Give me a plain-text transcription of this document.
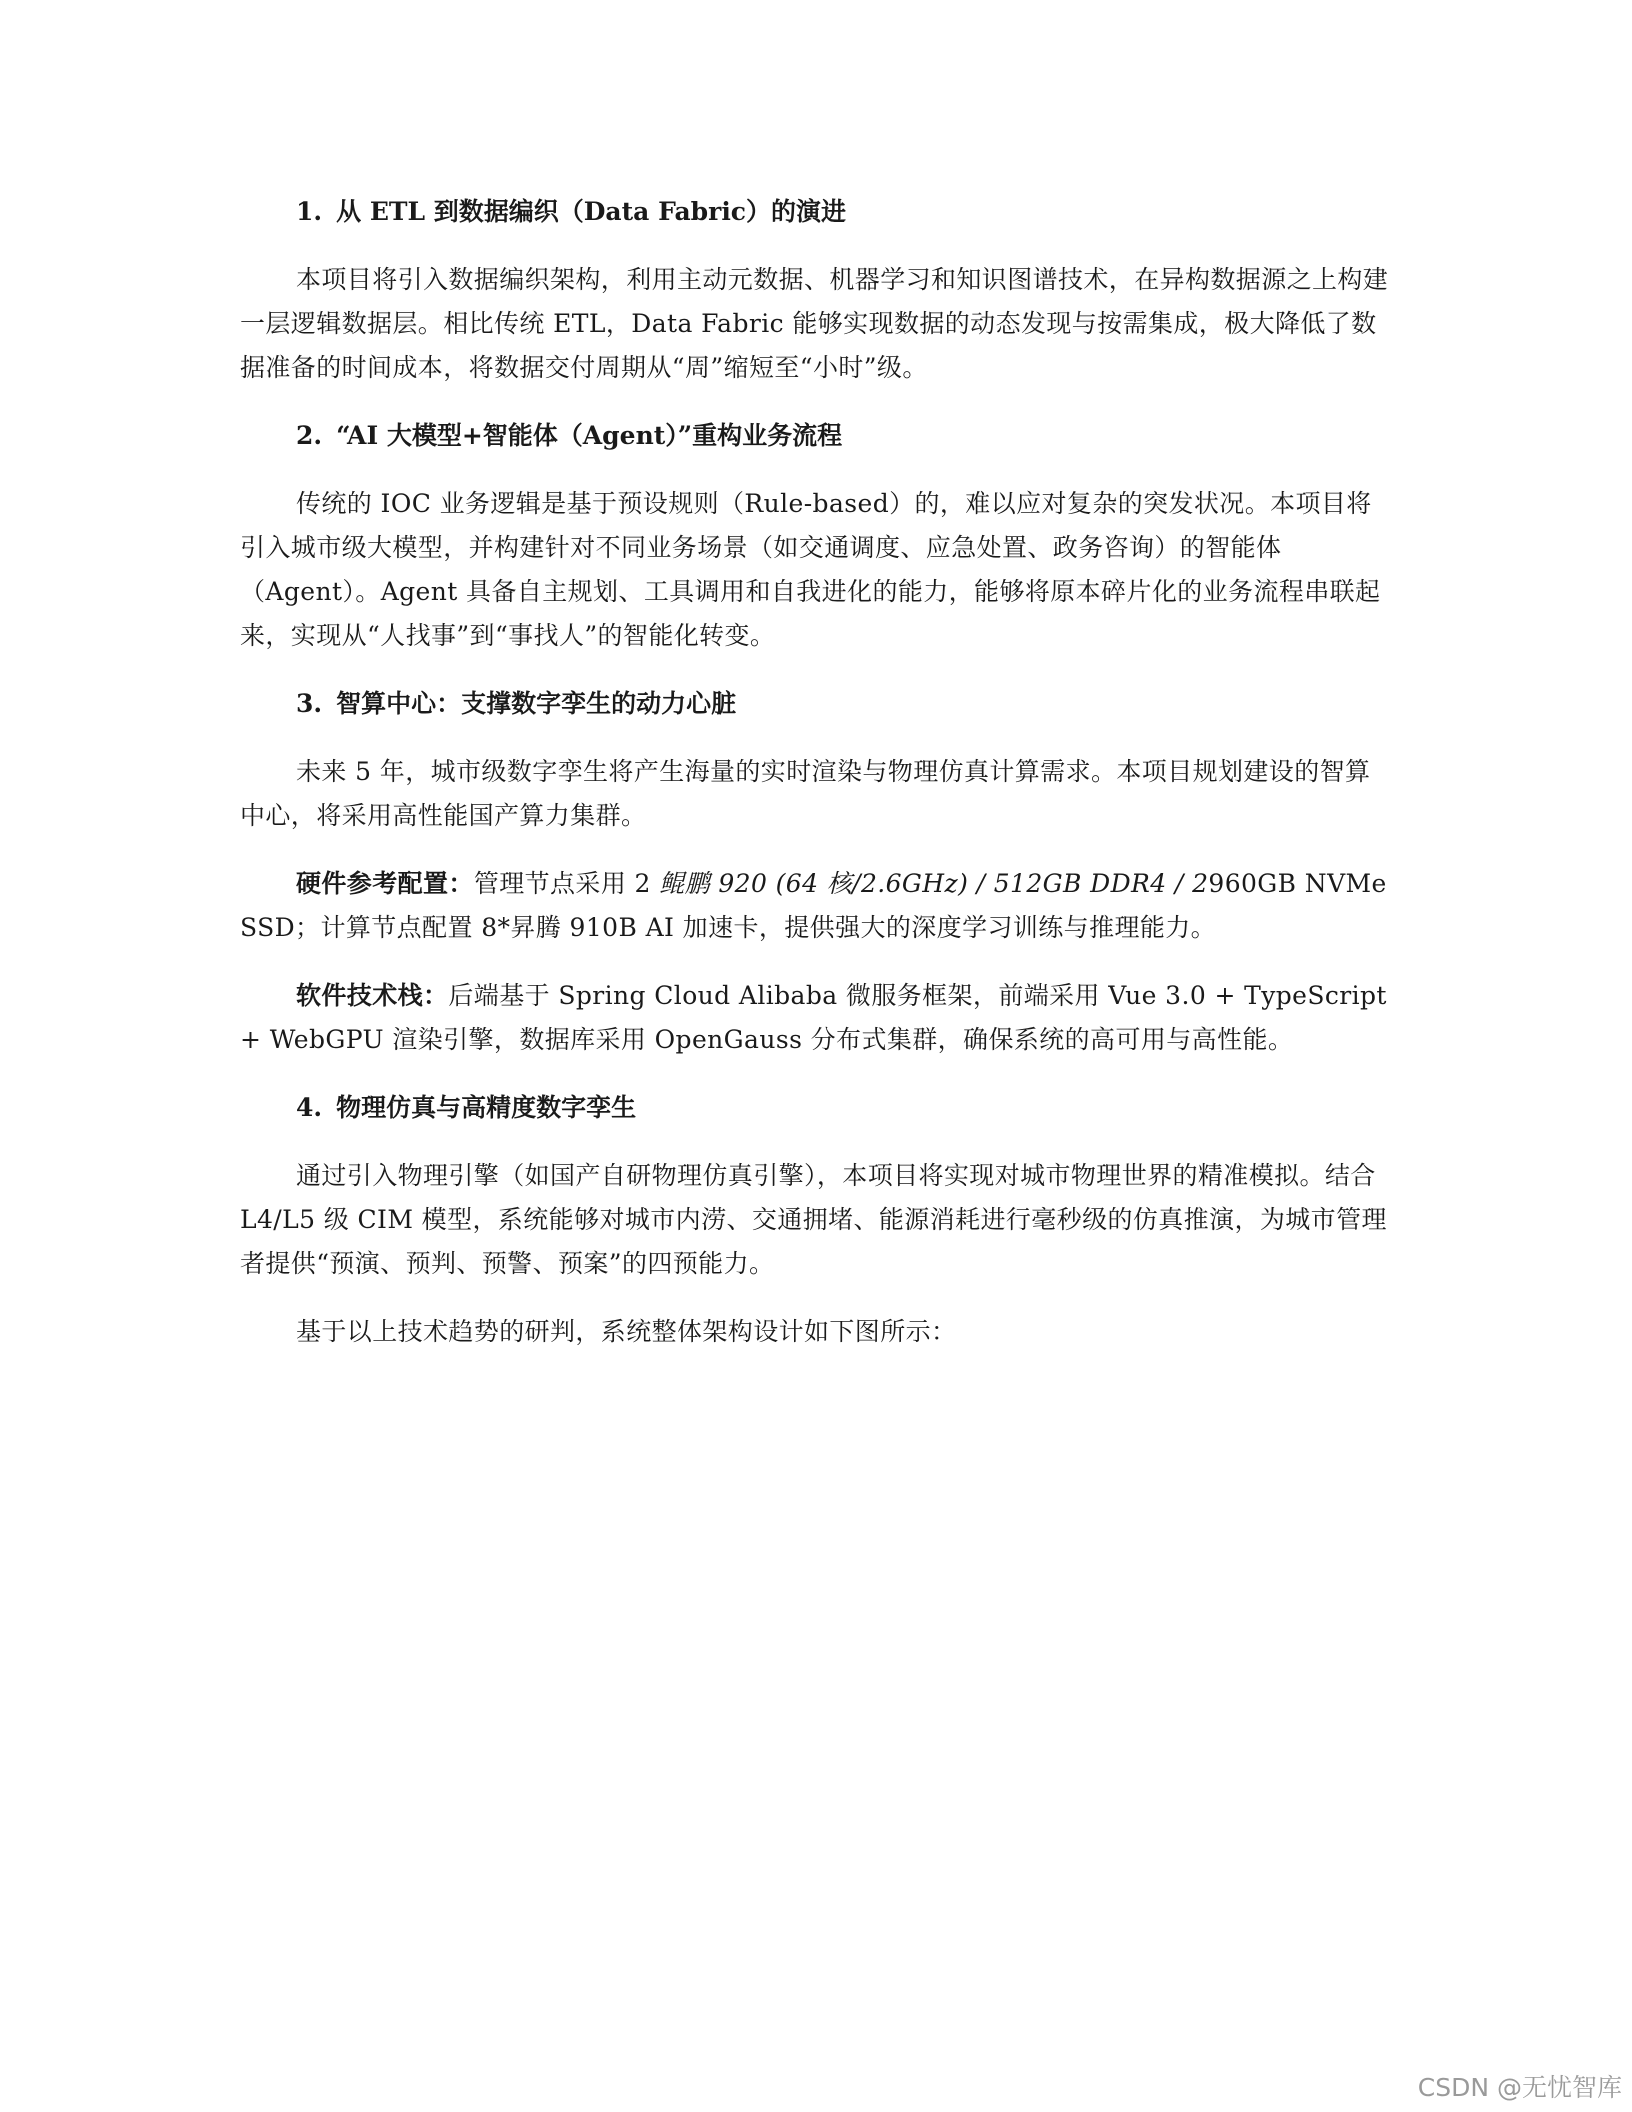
1. 从 ETL 到数据编织（Data Fabric）的演进

本项目将引入数据编织架构，利用主动元数据、机器学习和知识图谱技术，在异构数据源之上构建一层逻辑数据层。相比传统 ETL，Data Fabric 能够实现数据的动态发现与按需集成，极大降低了数据准备的时间成本，将数据交付周期从“周”缩短至“小时”级。

2. “AI 大模型+智能体（Agent）”重构业务流程

传统的 IOC 业务逻辑是基于预设规则（Rule-based）的，难以应对复杂的突发状况。本项目将引入城市级大模型，并构建针对不同业务场景（如交通调度、应急处置、政务咨询）的智能体（Agent）。Agent 具备自主规划、工具调用和自我进化的能力，能够将原本碎片化的业务流程串联起来，实现从“人找事”到“事找人”的智能化转变。

3. 智算中心：支撑数字孪生的动力心脏

未来 5 年，城市级数字孪生将产生海量的实时渲染与物理仿真计算需求。本项目规划建设的智算中心，将采用高性能国产算力集群。

硬件参考配置：管理节点采用 2 鲲鹏 920 (64 核/2.6GHz) / 512GB DDR4 / 2960GB NVMe SSD；计算节点配置 8*昇腾 910B AI 加速卡，提供强大的深度学习训练与推理能力。

软件技术栈：后端基于 Spring Cloud Alibaba 微服务框架，前端采用 Vue 3.0 + TypeScript + WebGPU 渲染引擎，数据库采用 OpenGauss 分布式集群，确保系统的高可用与高性能。

4. 物理仿真与高精度数字孪生

通过引入物理引擎（如国产自研物理仿真引擎），本项目将实现对城市物理世界的精准模拟。结合 L4/L5 级 CIM 模型，系统能够对城市内涝、交通拥堵、能源消耗进行毫秒级的仿真推演，为城市管理者提供“预演、预判、预警、预案”的四预能力。

基于以上技术趋势的研判，系统整体架构设计如下图所示：

CSDN @无忧智库
